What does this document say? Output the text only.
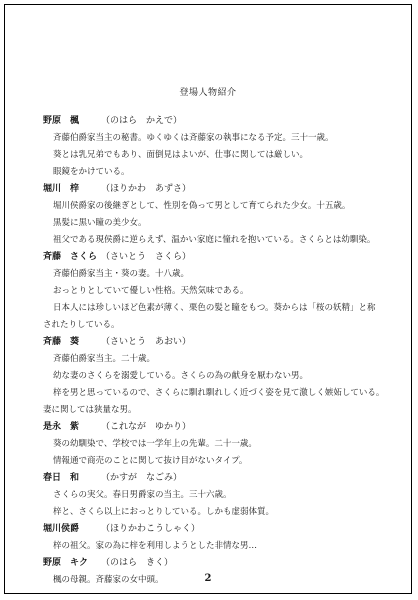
登場人物紹介
野原　楓 （のはら　かえで）
斉藤伯爵家当主の秘書。ゆくゆくは斉藤家の執事になる予定。三十一歳。
葵とは乳兄弟でもあり、面倒見はよいが、仕事に関しては厳しい。
眼鏡をかけている。
堀川　梓 （ほりかわ　あずさ）
堀川侯爵家の後継ぎとして、性別を偽って男として育てられた少女。十五歳。
黒髪に黒い瞳の美少女。
祖父である現侯爵に逆らえず、温かい家庭に憧れを抱いている。さくらとは幼馴染。
斉藤　さくら （さいとう　さくら）
斉藤伯爵家当主・葵の妻。十八歳。
おっとりとしていて優しい性格。天然気味である。
日本人には珍しいほど色素が薄く、栗色の髪と瞳をもつ。葵からは「桜の妖精」と称
されたりしている。
斉藤　葵 （さいとう　あおい）
斉藤伯爵家当主。二十歳。
幼な妻のさくらを溺愛している。さくらの為の献身を厭わない男。
梓を男と思っているので、さくらに馴れ馴れしく近づく姿を見て激しく嫉妬している。
妻に関しては狭量な男。
是永　紫 （これなが　ゆかり）
葵の幼馴染で、学校では一学年上の先輩。二十一歳。
情報通で商売のことに関して抜け目がないタイプ。
春日　和 （かすが　なごみ）
さくらの実父。春日男爵家の当主。三十六歳。
梓と、さくら以上におっとりしている。しかも虚弱体質。
堀川侯爵 （ほりかわこうしゃく）
梓の祖父。家の為に梓を利用しようとした非情な男…
野原　キク （のはら　きく）
楓の母親。斉藤家の女中頭。	2
